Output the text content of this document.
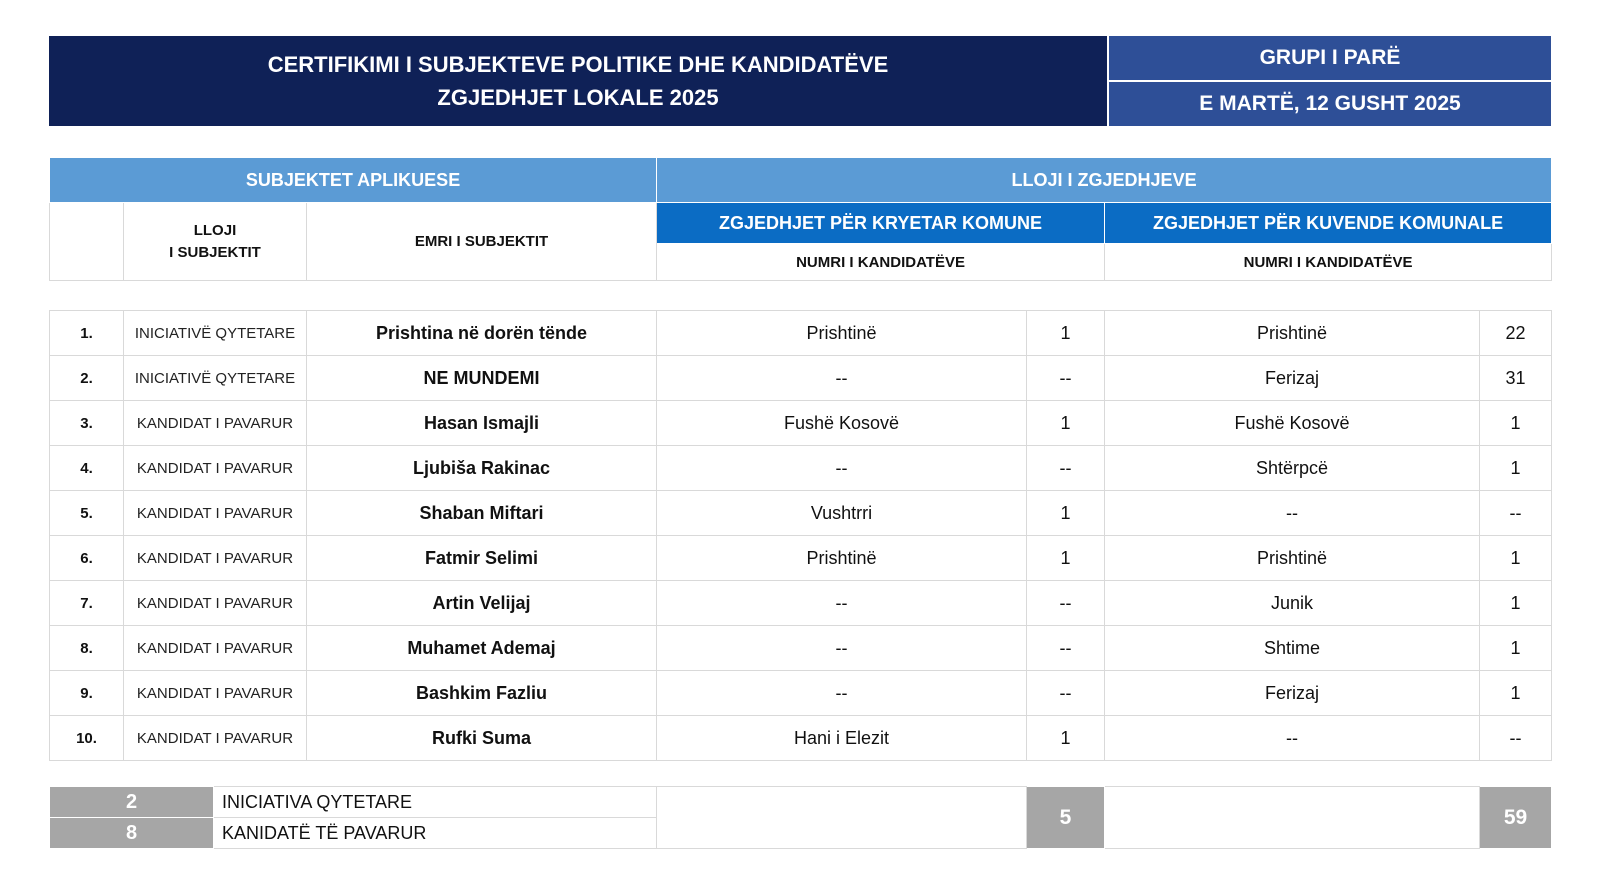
CERTIFIKIMI I SUBJEKTEVE POLITIKE DHE KANDIDATËVE
ZGJEDHJET LOKALE 2025
GRUPI I PARË
E MARTË, 12 GUSHT 2025
SUBJEKTET APLIKUESE			LLOJI I ZGJEDHJEVE	
	LLOJI
I SUBJEKTIT	EMRI I SUBJEKTIT	ZGJEDHJET PËR KRYETAR KOMUNE	ZGJEDHJET PËR KUVENDE KOMUNALE
			NUMRI I KANDIDATËVE	NUMRI I KANDIDATËVE
1.	INICIATIVË QYTETARE	Prishtina në dorën tënde	Prishtinë	1	Prishtinë	22
2.	INICIATIVË QYTETARE	NE MUNDEMI	--	--	Ferizaj	31
3.	KANDIDAT I PAVARUR	Hasan Ismajli	Fushë Kosovë	1	Fushë Kosovë	1
4.	KANDIDAT I PAVARUR	Ljubiša Rakinac	--	--	Shtërpcë	1
5.	KANDIDAT I PAVARUR	Shaban Miftari	Vushtrri	1	--	--
6.	KANDIDAT I PAVARUR	Fatmir Selimi	Prishtinë	1	Prishtinë	1
7.	KANDIDAT I PAVARUR	Artin Velijaj	--	--	Junik	1
8.	KANDIDAT I PAVARUR	Muhamet Ademaj	--	--	Shtime	1
9.	KANDIDAT I PAVARUR	Bashkim Fazliu	--	--	Ferizaj	1
10.	KANDIDAT I PAVARUR	Rufki Suma	Hani i Elezit	1	--	--
2	INICIATIVA QYTETARE		5		59
8	KANIDATË TË PAVARUR				
